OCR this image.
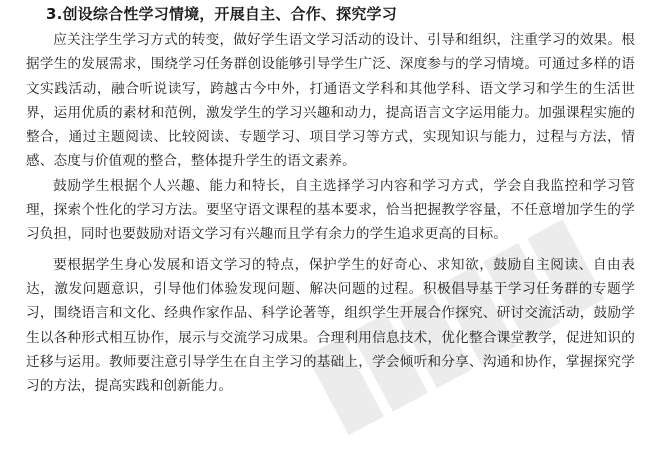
3.创设综合性学习情境，开展自主、合作、探究学习

应关注学生学习方式的转变，做好学生语文学习活动的设计、引导和组织，注重学习的效果。根据学生的发展需求，围绕学习任务群创设能够引导学生广泛、深度参与的学习情境。可通过多样的语文实践活动，融合听说读写，跨越古今中外，打通语文学科和其他学科、语文学习和学生的生活世界，运用优质的素材和范例，激发学生的学习兴趣和动力，提高语言文字运用能力。加强课程实施的整合，通过主题阅读、比较阅读、专题学习、项目学习等方式，实现知识与能力，过程与方法，情感、态度与价值观的整合，整体提升学生的语文素养。

鼓励学生根据个人兴趣、能力和特长，自主选择学习内容和学习方式，学会自我监控和学习管理，探索个性化的学习方法。要坚守语文课程的基本要求，恰当把握教学容量，不任意增加学生的学习负担，同时也要鼓励对语文学习有兴趣而且学有余力的学生追求更高的目标。

要根据学生身心发展和语文学习的特点，保护学生的好奇心、求知欲，鼓励自主阅读、自由表达，激发问题意识，引导他们体验发现问题、解决问题的过程。积极倡导基于学习任务群的专题学习，围绕语言和文化、经典作家作品、科学论著等，组织学生开展合作探究、研讨交流活动，鼓励学生以各种形式相互协作，展示与交流学习成果。合理利用信息技术，优化整合课堂教学，促进知识的迁移与运用。教师要注意引导学生在自主学习的基础上，学会倾听和分享、沟通和协作，掌握探究学习的方法，提高实践和创新能力。
